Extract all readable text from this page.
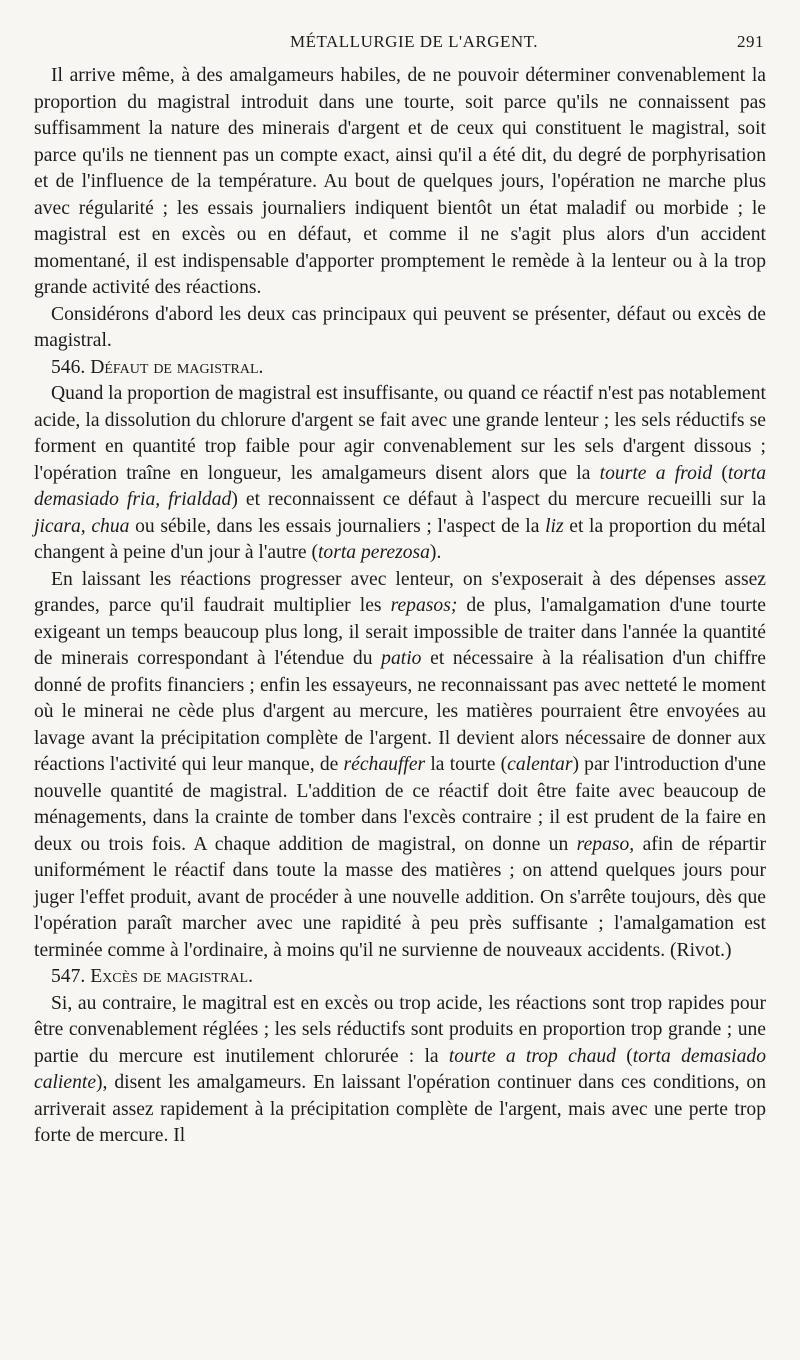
MÉTALLURGIE DE L'ARGENT.	291

Il arrive même, à des amalgameurs habiles, de ne pouvoir déterminer convenablement la proportion du magistral introduit dans une tourte, soit parce qu'ils ne connaissent pas suffisamment la nature des minerais d'argent et de ceux qui constituent le magistral, soit parce qu'ils ne tiennent pas un compte exact, ainsi qu'il a été dit, du degré de porphyrisation et de l'influence de la température. Au bout de quelques jours, l'opération ne marche plus avec régularité ; les essais journaliers indiquent bientôt un état maladif ou morbide ; le magistral est en excès ou en défaut, et comme il ne s'agit plus alors d'un accident momentané, il est indispensable d'apporter promptement le remède à la lenteur ou à la trop grande activité des réactions.

Considérons d'abord les deux cas principaux qui peuvent se présenter, défaut ou excès de magistral.

546. Défaut de magistral.

Quand la proportion de magistral est insuffisante, ou quand ce réactif n'est pas notablement acide, la dissolution du chlorure d'argent se fait avec une grande lenteur ; les sels réductifs se forment en quantité trop faible pour agir convenablement sur les sels d'argent dissous ; l'opération traîne en longueur, les amalgameurs disent alors que la tourte a froid (torta demasiado fria, frialdad) et reconnaissent ce défaut à l'aspect du mercure recueilli sur la jicara, chua ou sébile, dans les essais journaliers ; l'aspect de la liz et la proportion du métal changent à peine d'un jour à l'autre (torta perezosa).

En laissant les réactions progresser avec lenteur, on s'exposerait à des dépenses assez grandes, parce qu'il faudrait multiplier les repasos; de plus, l'amalgamation d'une tourte exigeant un temps beaucoup plus long, il serait impossible de traiter dans l'année la quantité de minerais correspondant à l'étendue du patio et nécessaire à la réalisation d'un chiffre donné de profits financiers ; enfin les essayeurs, ne reconnaissant pas avec netteté le moment où le minerai ne cède plus d'argent au mercure, les matières pourraient être envoyées au lavage avant la précipitation complète de l'argent. Il devient alors nécessaire de donner aux réactions l'activité qui leur manque, de réchauffer la tourte (calentar) par l'introduction d'une nouvelle quantité de magistral. L'addition de ce réactif doit être faite avec beaucoup de ménagements, dans la crainte de tomber dans l'excès contraire ; il est prudent de la faire en deux ou trois fois. A chaque addition de magistral, on donne un repaso, afin de répartir uniformément le réactif dans toute la masse des matières ; on attend quelques jours pour juger l'effet produit, avant de procéder à une nouvelle addition. On s'arrête toujours, dès que l'opération paraît marcher avec une rapidité à peu près suffisante ; l'amalgamation est terminée comme à l'ordinaire, à moins qu'il ne survienne de nouveaux accidents. (Rivot.)

547. Excès de magistral.

Si, au contraire, le magitral est en excès ou trop acide, les réactions sont trop rapides pour être convenablement réglées ; les sels réductifs sont produits en proportion trop grande ; une partie du mercure est inutilement chlorurée : la tourte a trop chaud (torta demasiado caliente), disent les amalgameurs. En laissant l'opération continuer dans ces conditions, on arriverait assez rapidement à la précipitation complète de l'argent, mais avec une perte trop forte de mercure. Il
